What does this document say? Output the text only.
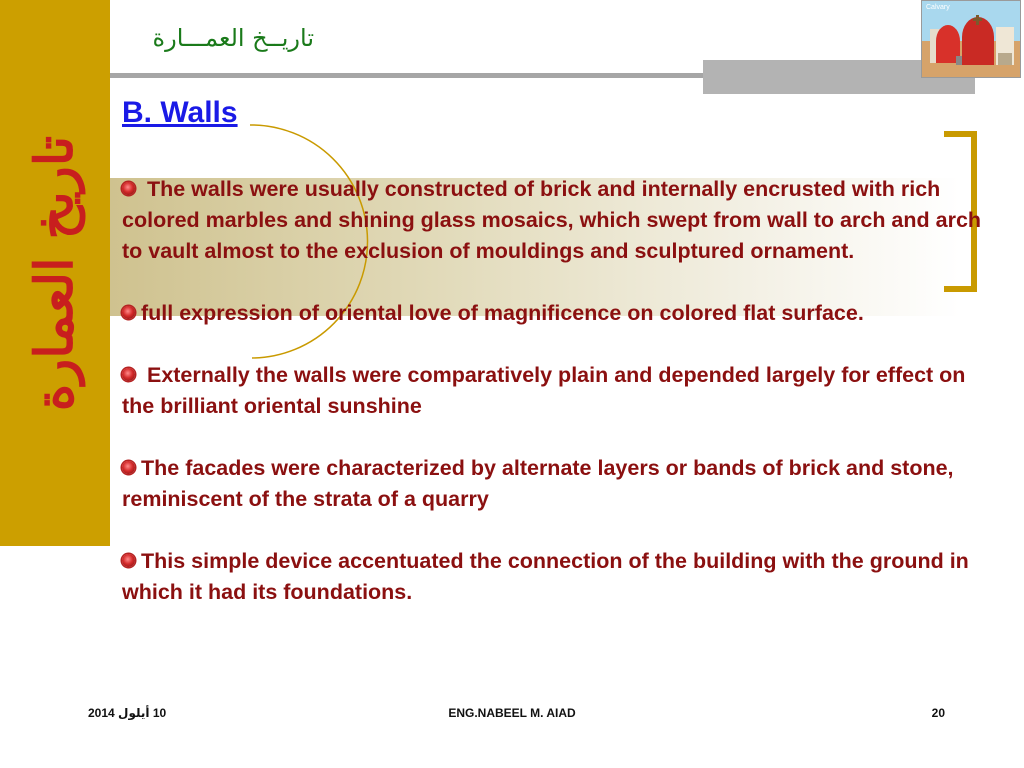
تاريخ العمارة
تاريــخ العمـــارة
Calvary
B. Walls

The walls were usually constructed of brick and internally encrusted with rich colored marbles and shining glass mosaics, which swept from wall to arch and arch to vault almost to the exclusion of mouldings and sculptured ornament.

full expression of oriental love of magnificence on colored flat surface.

Externally the walls were comparatively plain and depended largely for effect on the brilliant oriental sunshine

The facades were characterized by alternate layers or bands of brick and stone, reminiscent of the strata of a quarry

This simple device accentuated the connection of the building with the ground in which it had its foundations.

10 أيلول 2014	ENG.NABEEL M. AIAD	20
